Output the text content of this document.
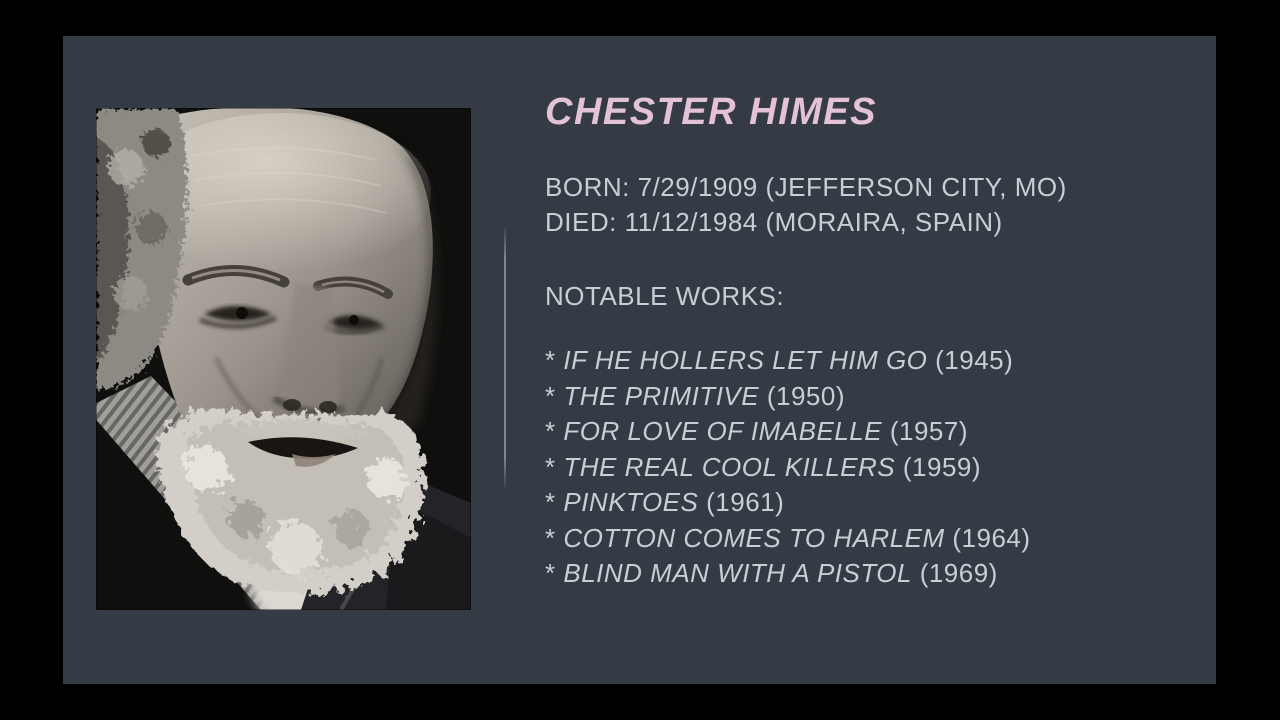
CHESTER HIMES
BORN: 7/29/1909 (JEFFERSON CITY, MO)
DIED: 11/12/1984 (MORAIRA, SPAIN)
NOTABLE WORKS:
* IF HE HOLLERS LET HIM GO (1945)
* THE PRIMITIVE (1950)
* FOR LOVE OF IMABELLE (1957)
* THE REAL COOL KILLERS (1959)
* PINKTOES (1961)
* COTTON COMES TO HARLEM (1964)
* BLIND MAN WITH A PISTOL (1969)
